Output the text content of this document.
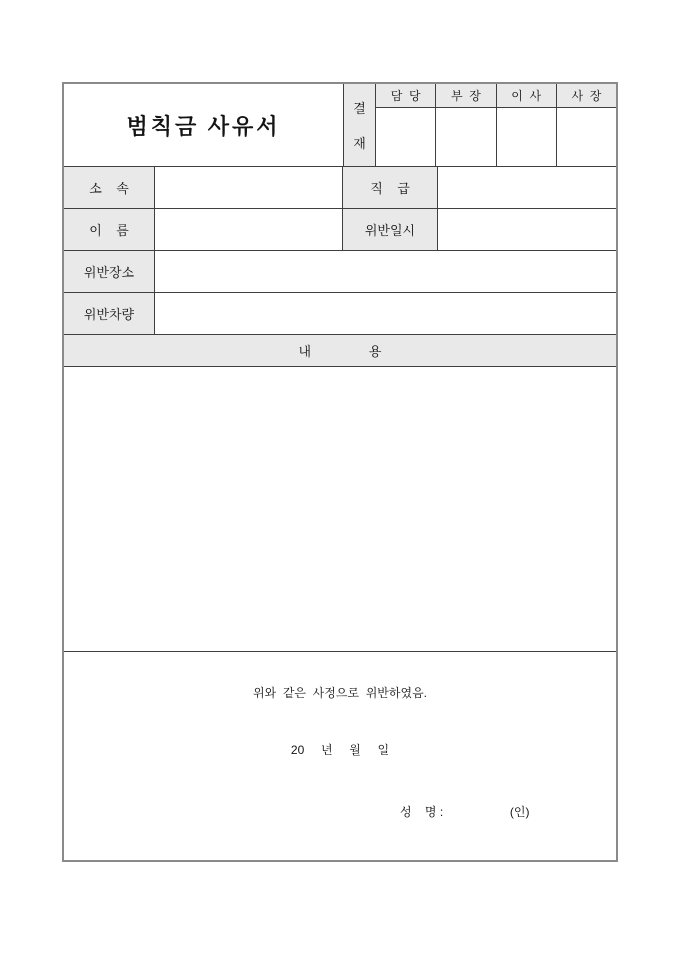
범칙금 사유서
결
재
담  당	부  장	이  사	사  장
소    속	직    급
이    름	위반일시
위반장소
위반차량
내                용
위와  같은  사정으로  위반하였음.
20     년     월     일
성    명 :                    (인)
